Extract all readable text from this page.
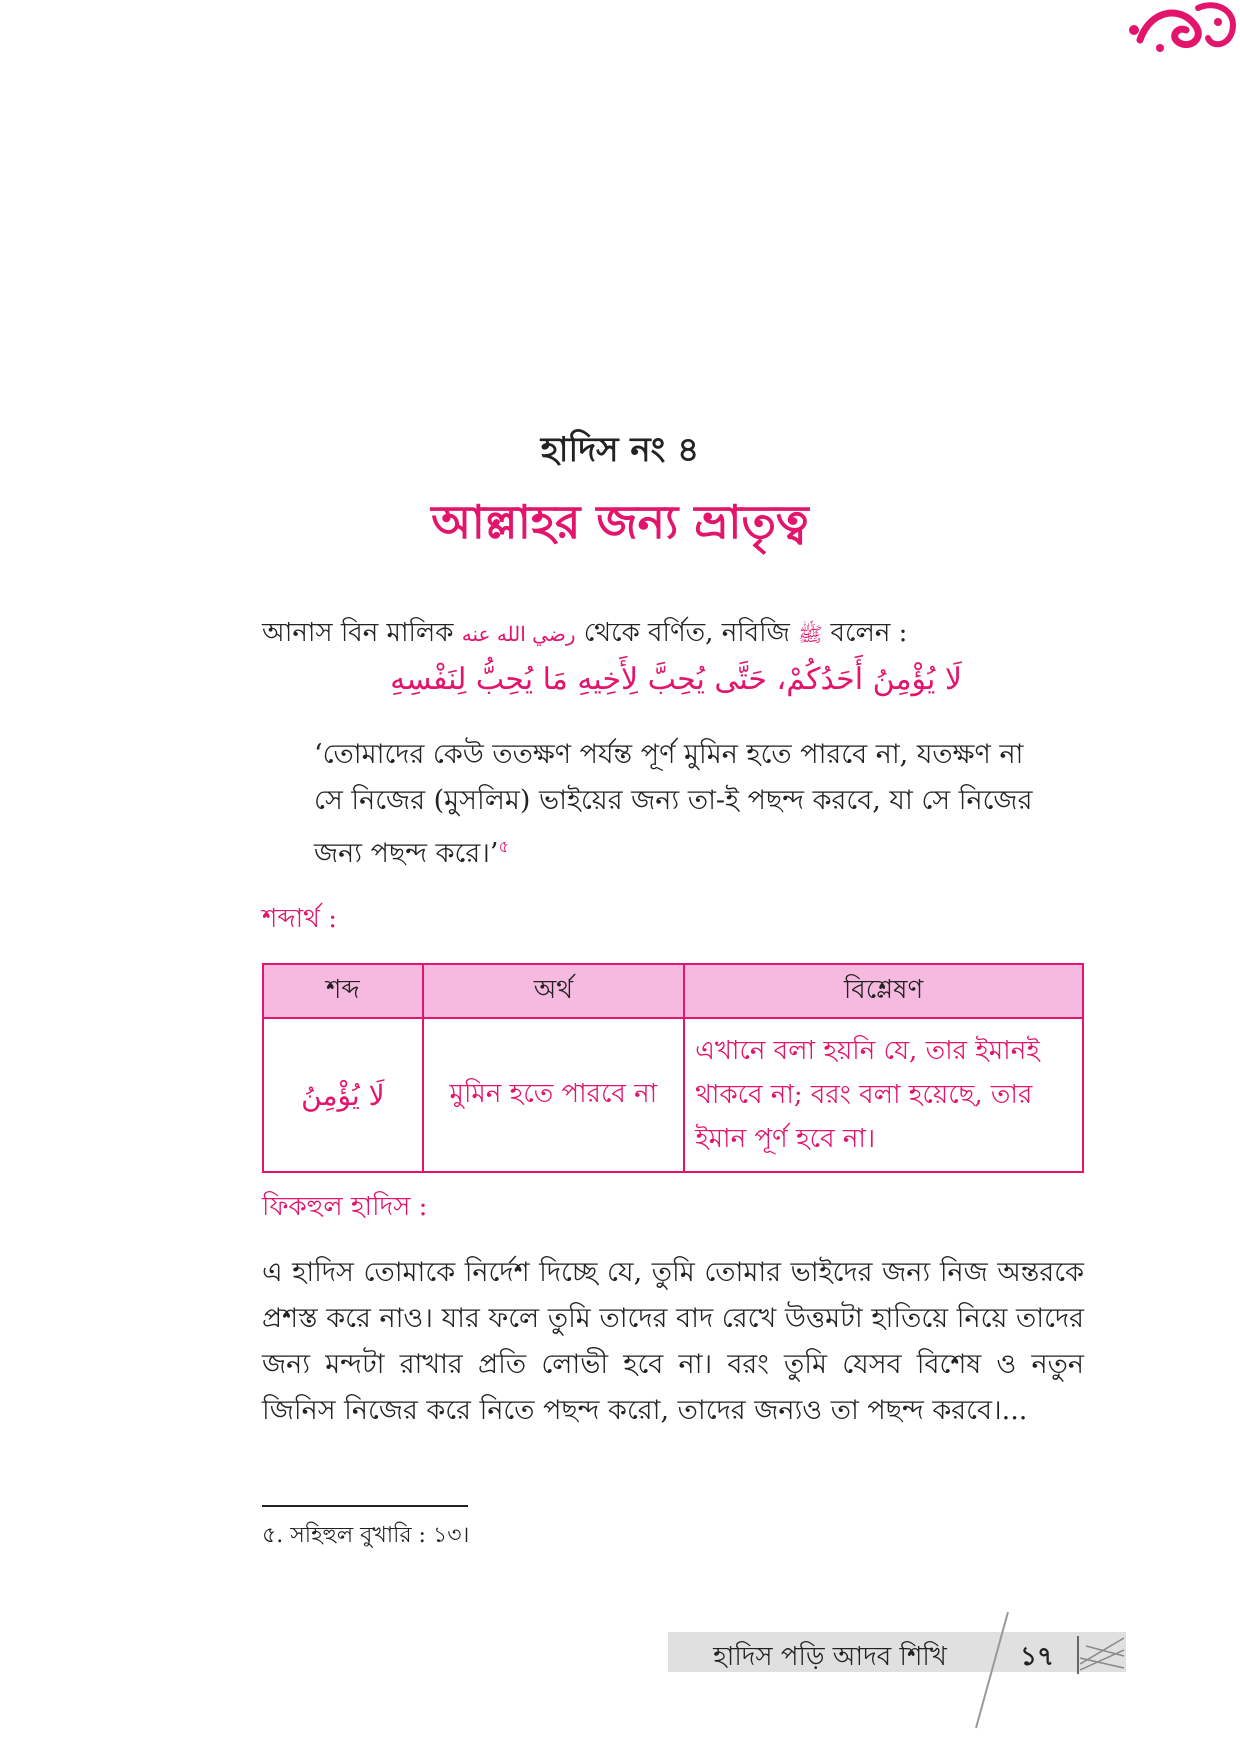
হাদিস নং ৪
আল্লাহর জন্য ভ্রাতৃত্ব
আনাস বিন মালিক رضي الله عنه থেকে বর্ণিত, নবিজি ﷺ বলেন :
لَا يُؤْمِنُ أَحَدُكُمْ، حَتَّى يُحِبَّ لِأَخِيهِ مَا يُحِبُّ لِنَفْسِهِ
‘তোমাদের কেউ ততক্ষণ পর্যন্ত পূর্ণ মুমিন হতে পারবে না, যতক্ষণ না সে নিজের (মুসলিম) ভাইয়ের জন্য তা-ই পছন্দ করবে, যা সে নিজের জন্য পছন্দ করে।’$^৫$
শব্দার্থ :
শব্দ	অর্থ	বিশ্লেষণ
لَا يُؤْمِنُ	মুমিন হতে পারবে না	এখানে বলা হয়নি যে, তার ইমানই থাকবে না; বরং বলা হয়েছে, তার ইমান পূর্ণ হবে না।
ফিকহুল হাদিস :
এ হাদিস তোমাকে নির্দেশ দিচ্ছে যে, তুমি তোমার ভাইদের জন্য নিজ অন্তরকে প্রশস্ত করে নাও। যার ফলে তুমি তাদের বাদ রেখে উত্তমটা হাতিয়ে নিয়ে তাদের জন্য মন্দটা রাখার প্রতি লোভী হবে না। বরং তুমি যেসব বিশেষ ও নতুন জিনিস নিজের করে নিতে পছন্দ করো, তাদের জন্যও তা পছন্দ করবে।...
৫. সহিহুল বুখারি : ১৩।
হাদিস পড়ি আদব শিখি	১৭
